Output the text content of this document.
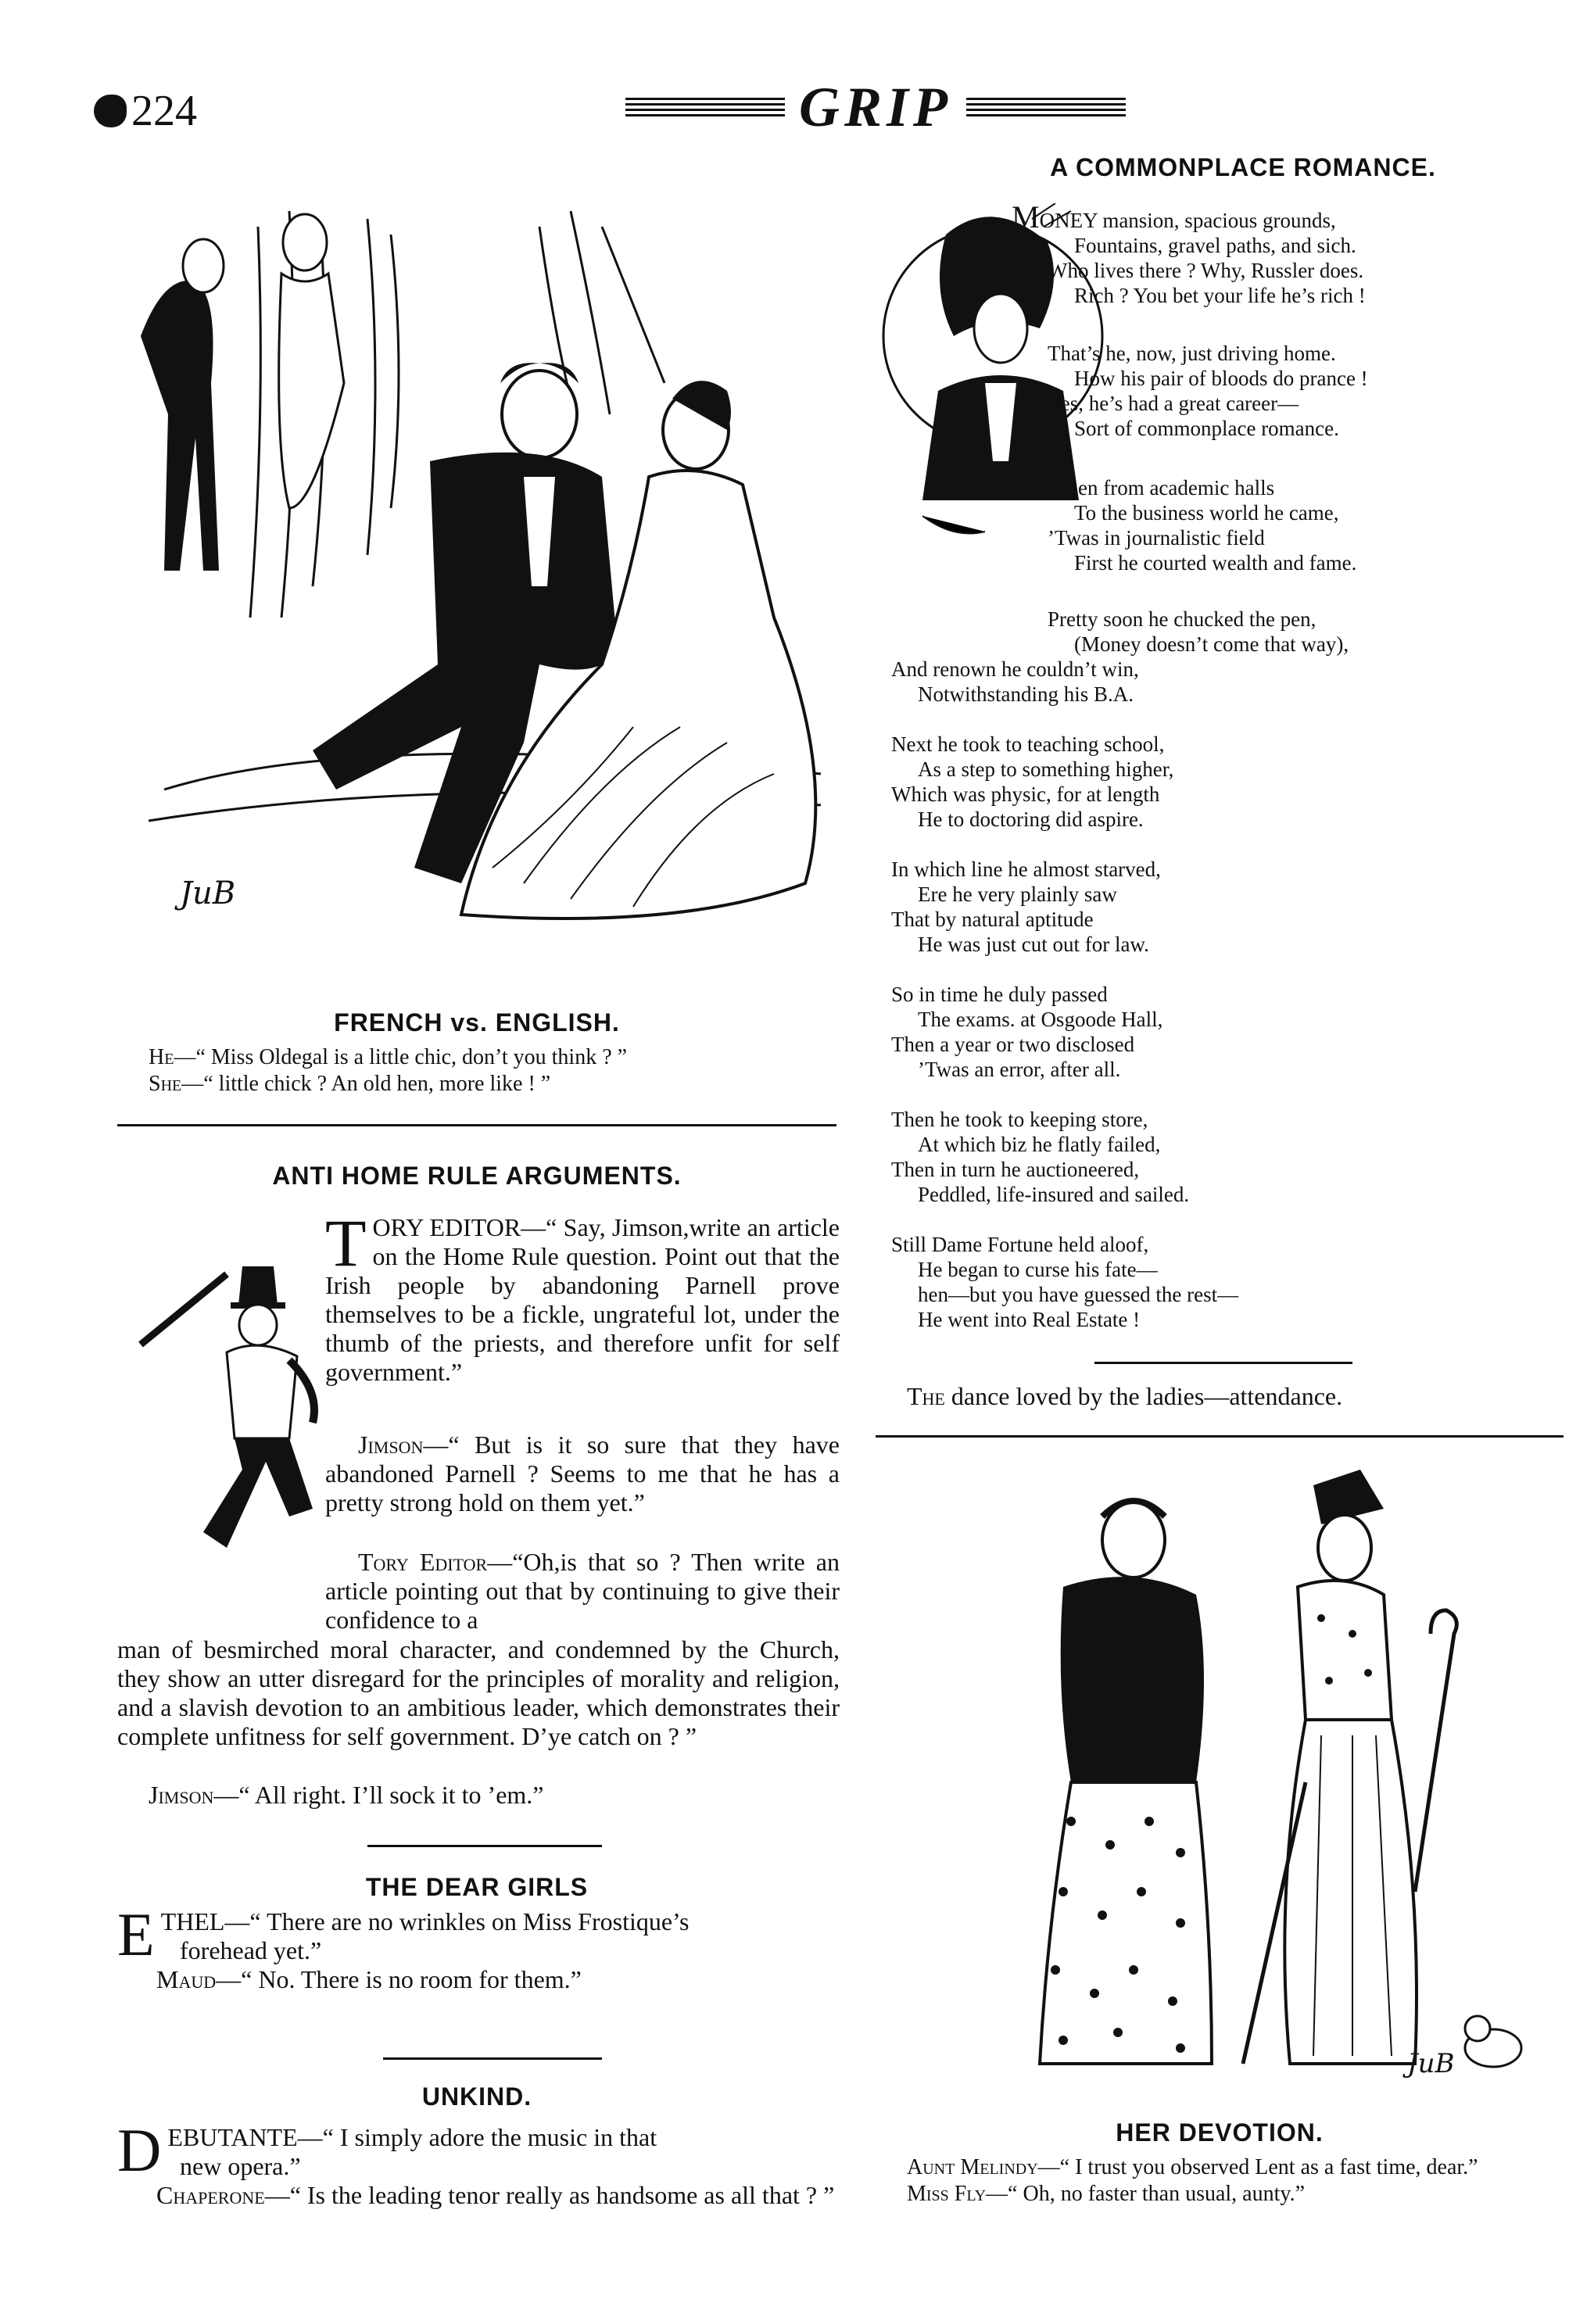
224	GRIP
JuB
FRENCH vs. ENGLISH.
He—“ Miss Oldegal is a little chic, don’t you think ? ”
She—“ little chick ? An old hen, more like ! ”
A COMMONPLACE ROMANCE.
MONEY mansion, spacious grounds,
Fountains, gravel paths, and sich.
Who lives there ? Why, Russler does.
Rich ? You bet your life he’s rich !
That’s he, now, just driving home.
How his pair of bloods do prance !
Yes, he’s had a great career—
Sort of commonplace romance.
When from academic halls
To the business world he came,
’Twas in journalistic field
First he courted wealth and fame.
Pretty soon he chucked the pen,
(Money doesn’t come that way),
And renown he couldn’t win,
Notwithstanding his B.A.
Next he took to teaching school,
As a step to something higher,
Which was physic, for at length
He to doctoring did aspire.
In which line he almost starved,
Ere he very plainly saw
That by natural aptitude
He was just cut out for law.
So in time he duly passed
The exams. at Osgoode Hall,
Then a year or two disclosed
’Twas an error, after all.
Then he took to keeping store,
At which biz he flatly failed,
Then in turn he auctioneered,
Peddled, life-insured and sailed.
Still Dame Fortune held aloof,
He began to curse his fate—
hen—but you have guessed the rest—
He went into Real Estate !
The dance loved by the ladies—attendance.
ANTI HOME RULE ARGUMENTS.
TORY EDITOR—“ Say, Jimson,write an article on the Home Rule question. Point out that the Irish people by abandoning Parnell prove themselves to be a fickle, ungrateful lot, under the thumb of the priests, and therefore unfit for self government.”
Jimson—“ But is it so sure that they have abandoned Parnell ? Seems to me that he has a pretty strong hold on them yet.”
Tory Editor—“Oh,is that so ? Then write an article pointing out that by continuing to give their confidence to a
man of besmirched moral character, and condemned by the Church, they show an utter disregard for the principles of morality and religion, and a slavish devotion to an ambitious leader, which demonstrates their complete unfitness for self government. D’ye catch on ? ”
Jimson—“ All right. I’ll sock it to ’em.”
THE DEAR GIRLS
ETHEL—“ There are no wrinkles on Miss Frostique’s
forehead yet.”
Maud—“ No. There is no room for them.”
UNKIND.
DEBUTANTE—“ I simply adore the music in that
new opera.”
Chaperone—“ Is the leading tenor really as handsome as all that ? ”
JuB
HER DEVOTION.
Aunt Melindy—“ I trust you observed Lent as a fast time, dear.”
Miss Fly—“ Oh, no faster than usual, aunty.”
